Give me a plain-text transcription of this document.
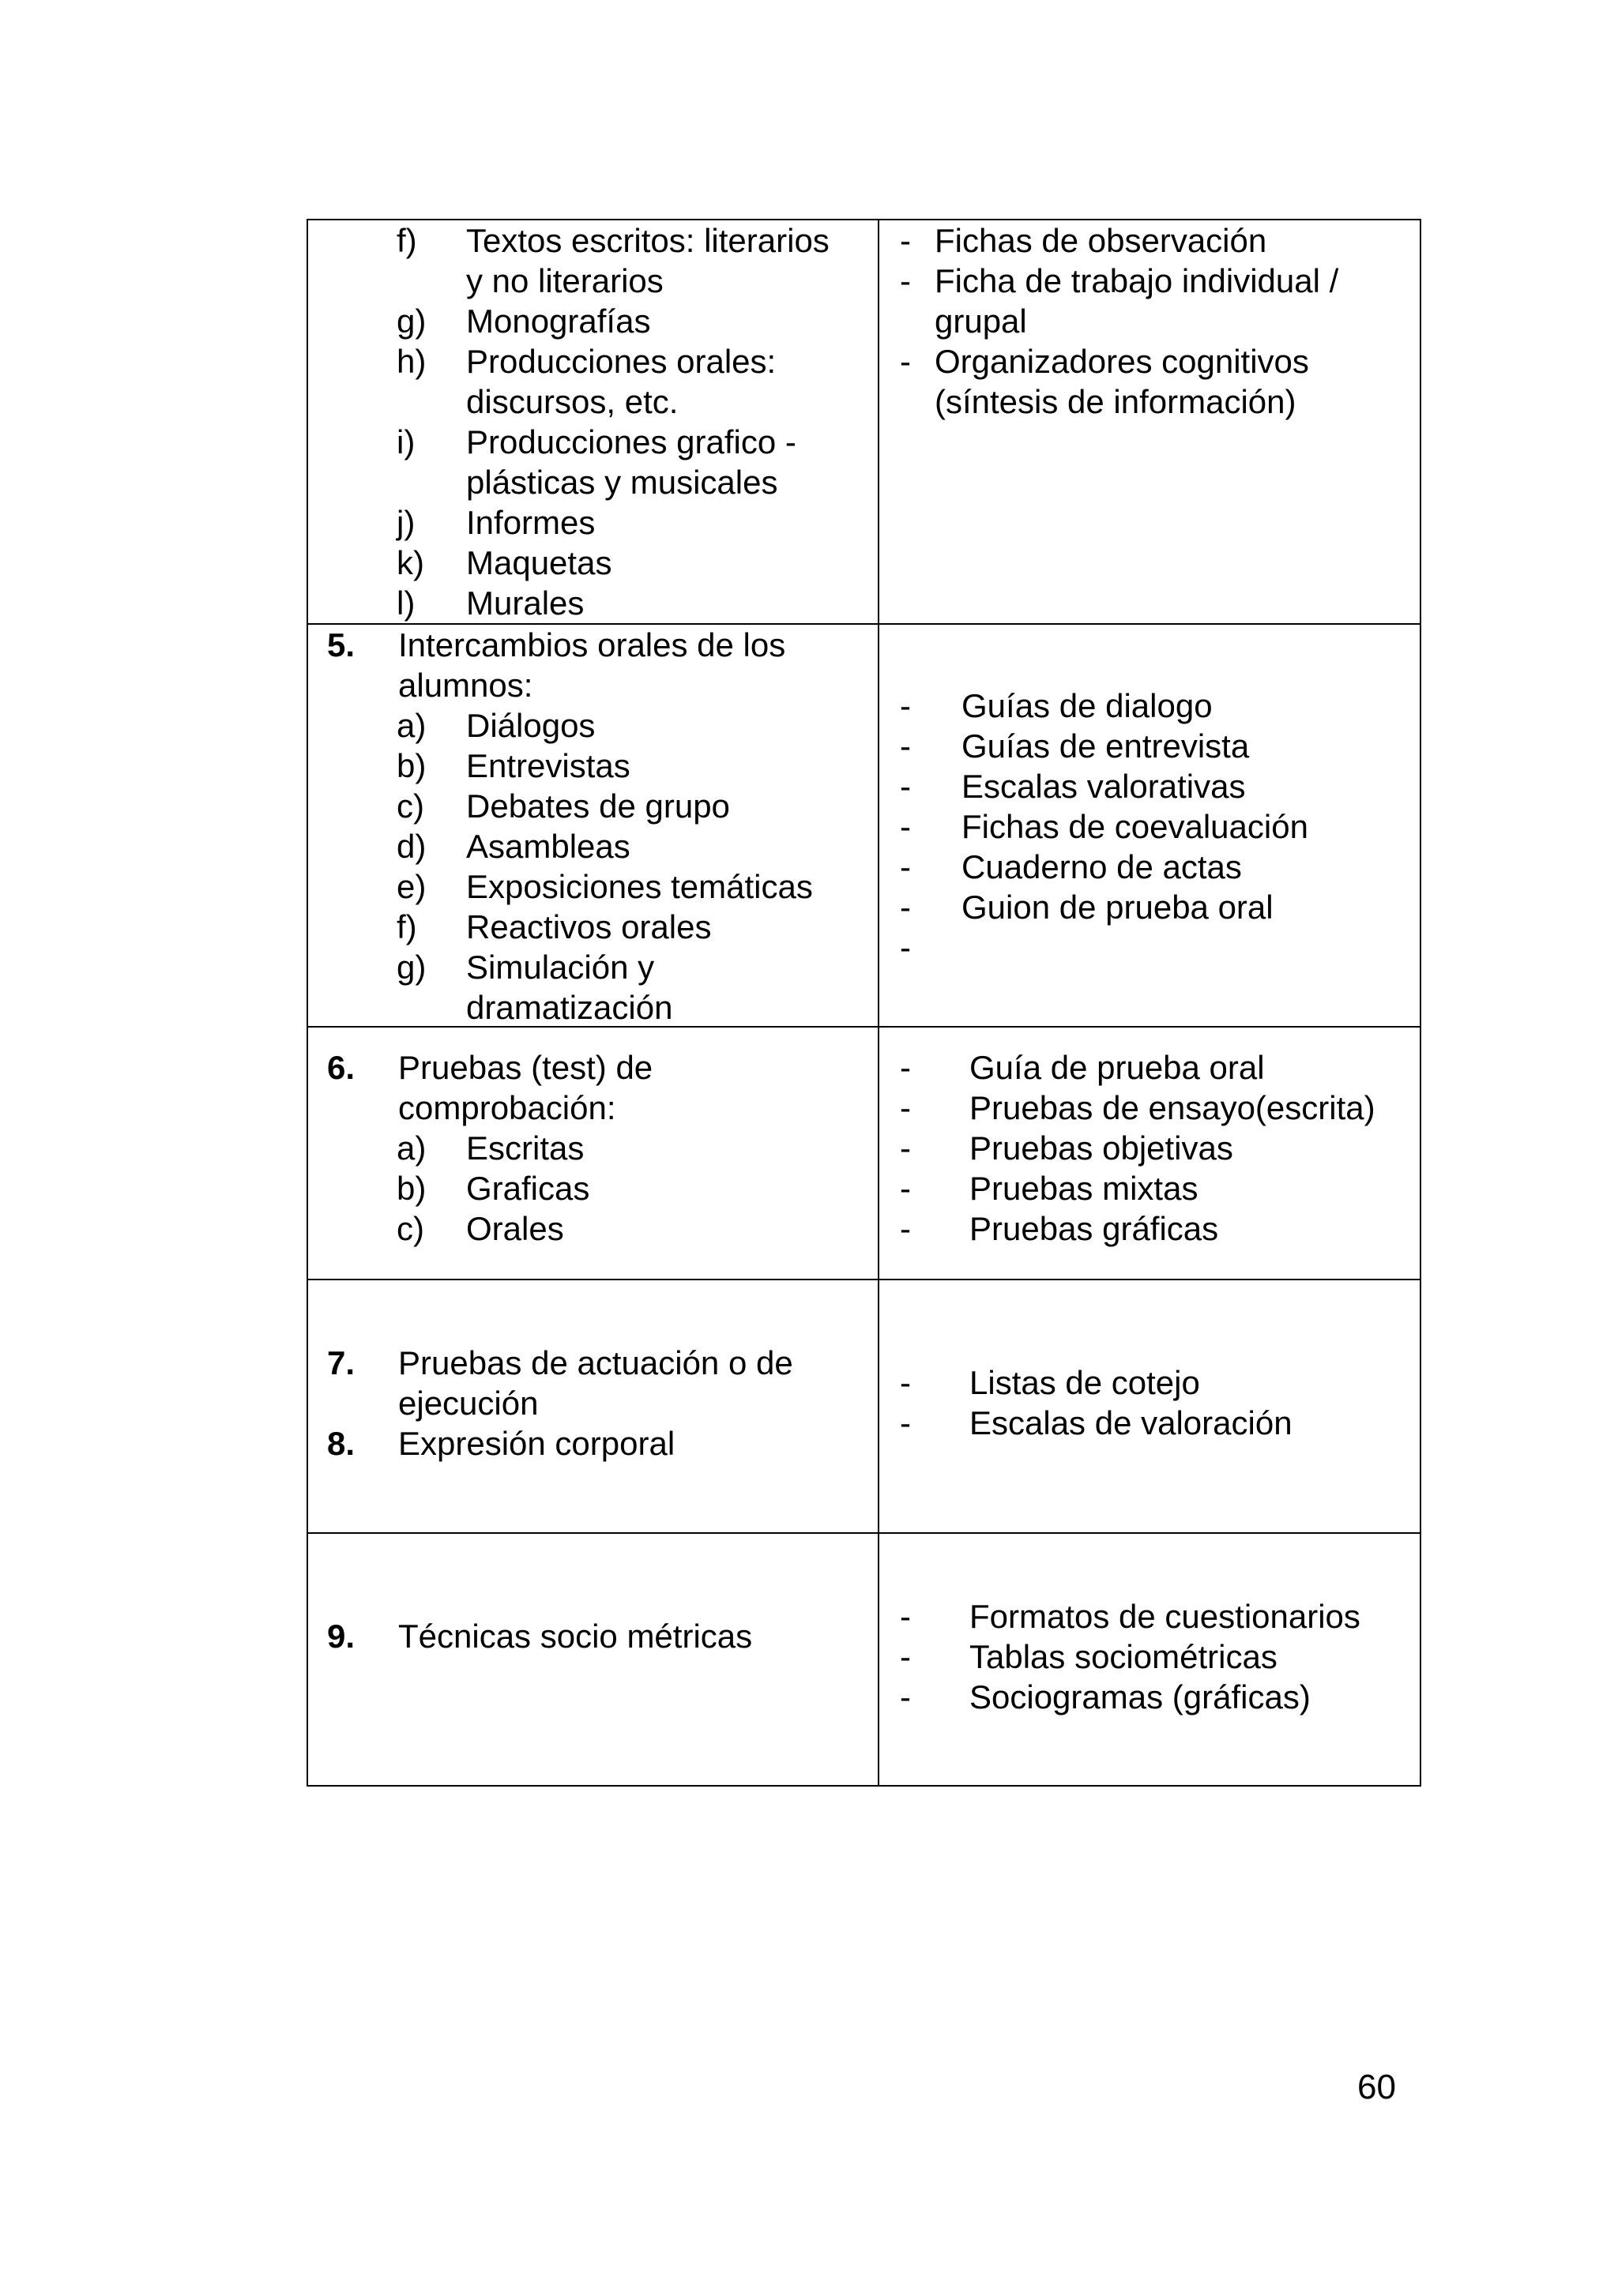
f)	Textos escritos: literarios
y no literarios
g)	Monografías
h)	Producciones orales:
discursos, etc.
i)	Producciones grafico -
plásticas y musicales
j)	Informes
k)	Maquetas
l)	Murales
- Fichas de observación
- Ficha de trabajo individual /
grupal
- Organizadores cognitivos
(síntesis de información)
5.	Intercambios orales de los
alumnos:
a)	Diálogos
b)	Entrevistas
c)	Debates de grupo
d)	Asambleas
e)	Exposiciones temáticas
f)	Reactivos orales
g)	Simulación y
dramatización
-	Guías de dialogo
-	Guías de entrevista
-	Escalas valorativas
-	Fichas de coevaluación
-	Cuaderno de actas
-	Guion de prueba oral
-
6.	Pruebas (test) de
comprobación:
a)	Escritas
b)	Graficas
c)	Orales
-	Guía de prueba oral
-	Pruebas de ensayo(escrita)
-	Pruebas objetivas
-	Pruebas mixtas
-	Pruebas gráficas
7.	Pruebas de actuación o de
ejecución
8.	Expresión corporal
-	Listas de cotejo
-	Escalas de valoración
9.	Técnicas socio métricas
-	Formatos de cuestionarios
-	Tablas sociométricas
-	Sociogramas (gráficas)
60
